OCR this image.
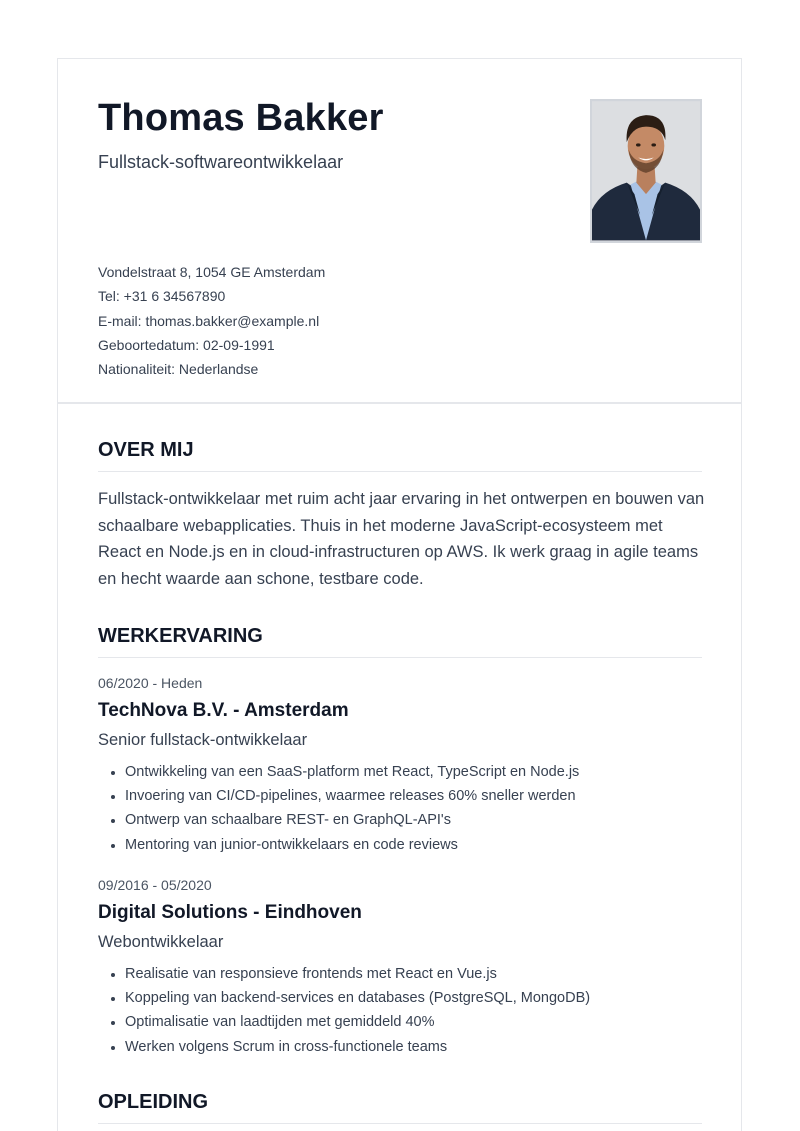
Thomas Bakker
Fullstack-softwareontwikkelaar
Vondelstraat 8, 1054 GE Amsterdam
Tel: +31 6 34567890
E-mail: thomas.bakker@example.nl
Geboortedatum: 02-09-1991
Nationaliteit: Nederlandse
OVER MIJ
Fullstack-ontwikkelaar met ruim acht jaar ervaring in het ontwerpen en bouwen van schaalbare webapplicaties. Thuis in het moderne JavaScript-ecosysteem met React en Node.js en in cloud-infrastructuren op AWS. Ik werk graag in agile teams en hecht waarde aan schone, testbare code.
WERKERVARING
06/2020 - Heden
TechNova B.V. - Amsterdam
Senior fullstack-ontwikkelaar
• Ontwikkeling van een SaaS-platform met React, TypeScript en Node.js
• Invoering van CI/CD-pipelines, waarmee releases 60% sneller werden
• Ontwerp van schaalbare REST- en GraphQL-API's
• Mentoring van junior-ontwikkelaars en code reviews
09/2016 - 05/2020
Digital Solutions - Eindhoven
Webontwikkelaar
• Realisatie van responsieve frontends met React en Vue.js
• Koppeling van backend-services en databases (PostgreSQL, MongoDB)
• Optimalisatie van laadtijden met gemiddeld 40%
• Werken volgens Scrum in cross-functionele teams
OPLEIDING
